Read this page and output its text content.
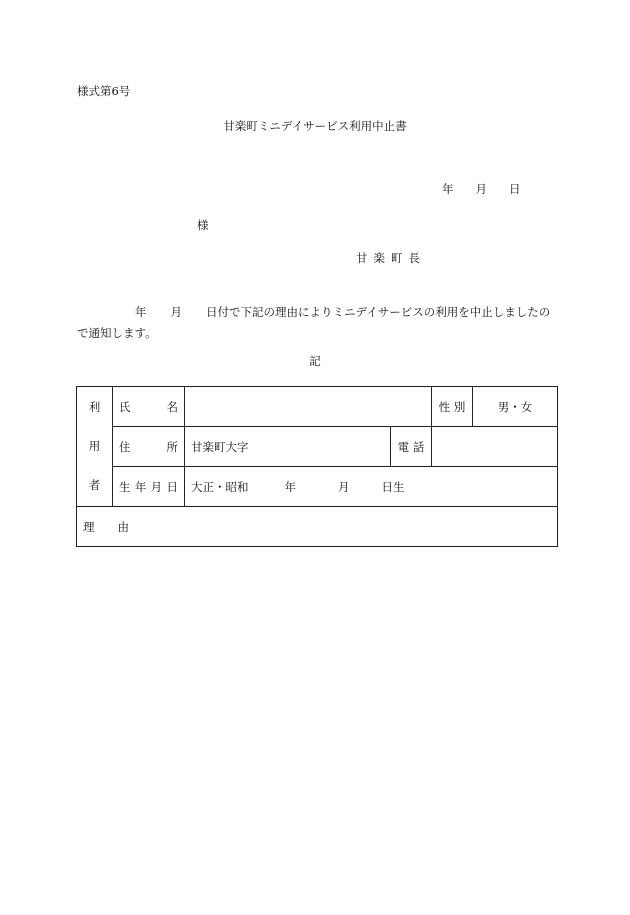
様式第6号
甘楽町ミニデイサービス利用中止書
年 月 日
様
甘楽町長
年 月 日付で下記の理由によりミニデイサービスの利用を中止しましたので通知します。
記
利
用
者	氏 名			性 別	男・女

	住 所	甘楽町大字	電 話		

	生 年 月 日	大正・昭和 年 月 日生			
理由					
